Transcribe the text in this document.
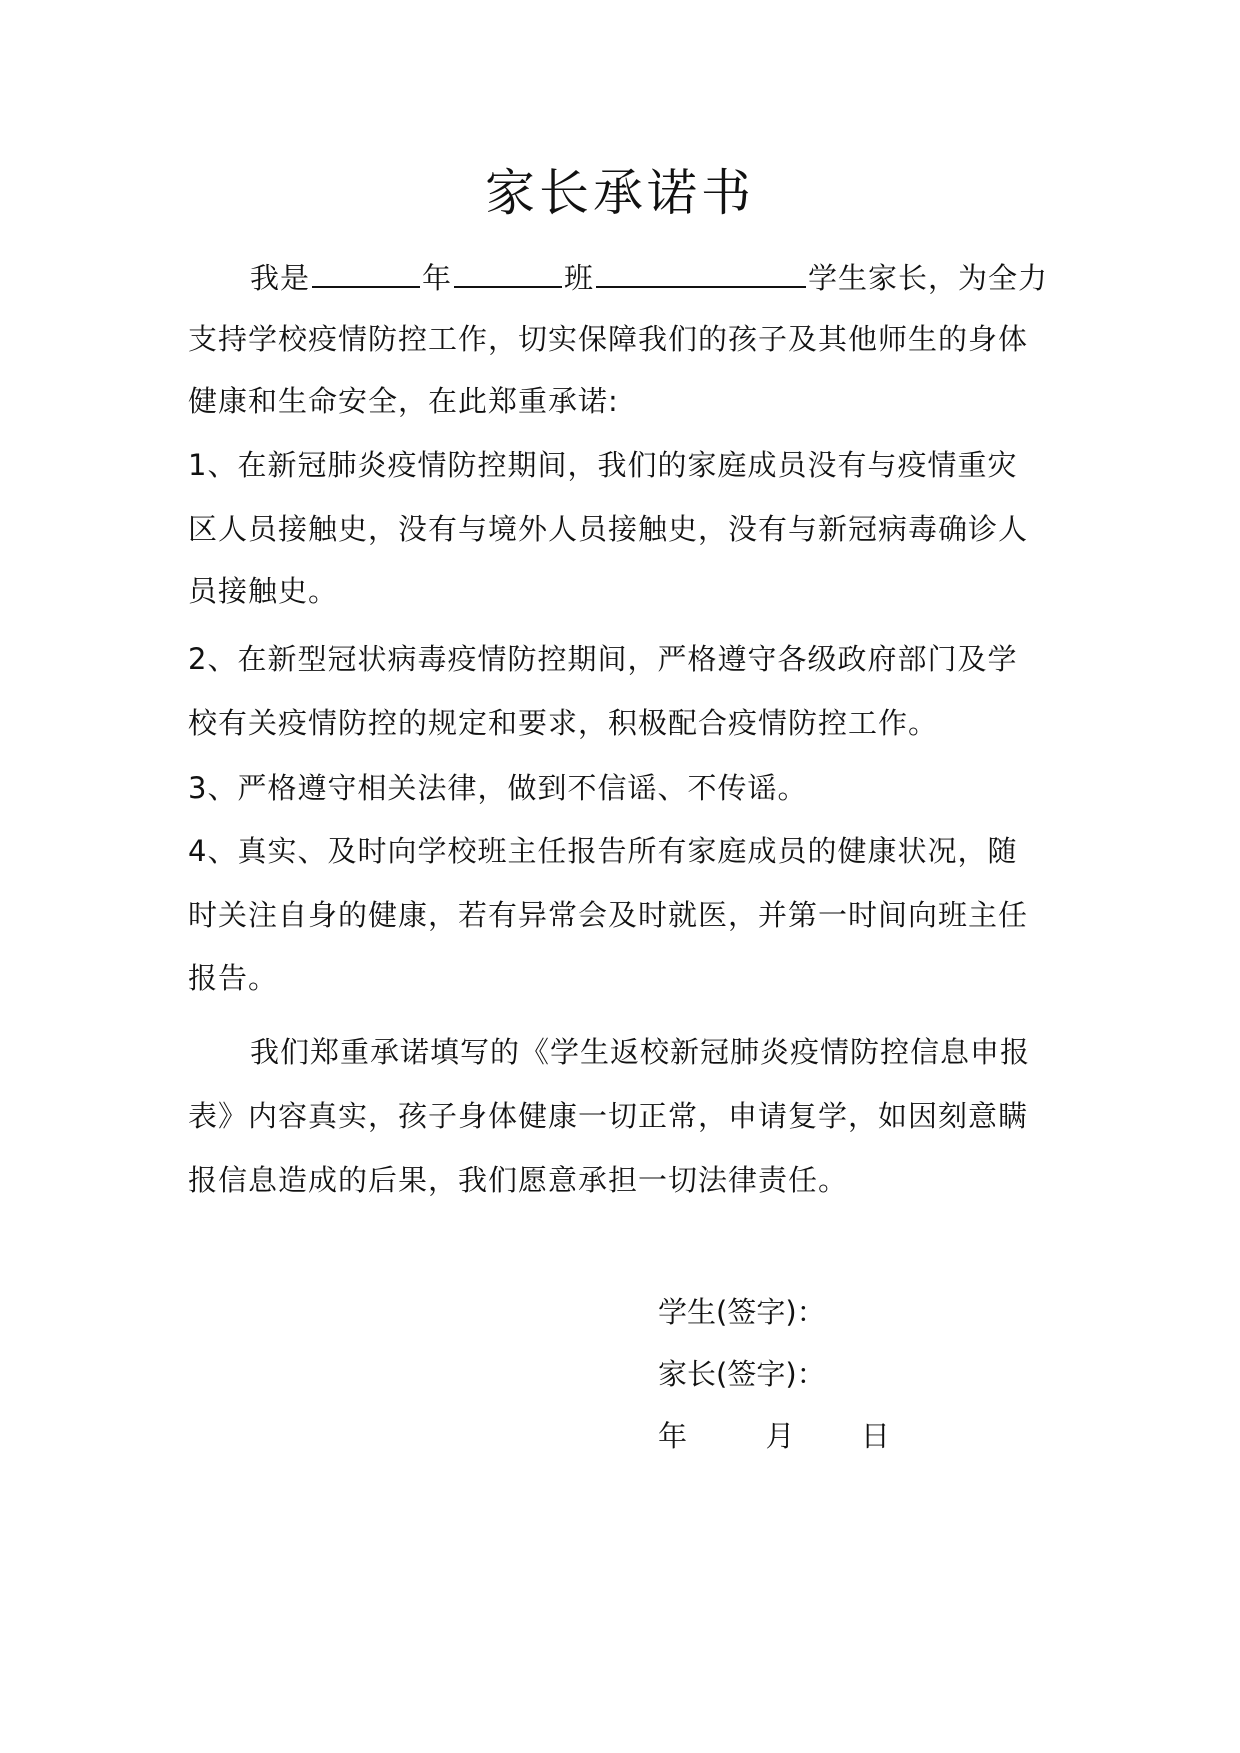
家长承诺书
我是	年	班	学生家长，为全力
支持学校疫情防控工作，切实保障我们的孩子及其他师生的身体
健康和生命安全，在此郑重承诺:
1、在新冠肺炎疫情防控期间，我们的家庭成员没有与疫情重灾
区人员接触史，没有与境外人员接触史，没有与新冠病毒确诊人
员接触史。
2、在新型冠状病毒疫情防控期间，严格遵守各级政府部门及学
校有关疫情防控的规定和要求，积极配合疫情防控工作。
3、严格遵守相关法律，做到不信谣、不传谣。
4、真实、及时向学校班主任报告所有家庭成员的健康状况，随
时关注自身的健康，若有异常会及时就医，并第一时间向班主任
报告。
我们郑重承诺填写的《学生返校新冠肺炎疫情防控信息申报
表》内容真实，孩子身体健康一切正常，申请复学，如因刻意瞒
报信息造成的后果，我们愿意承担一切法律责任。
学生(签字)：
家长(签字)：
年	月 日
